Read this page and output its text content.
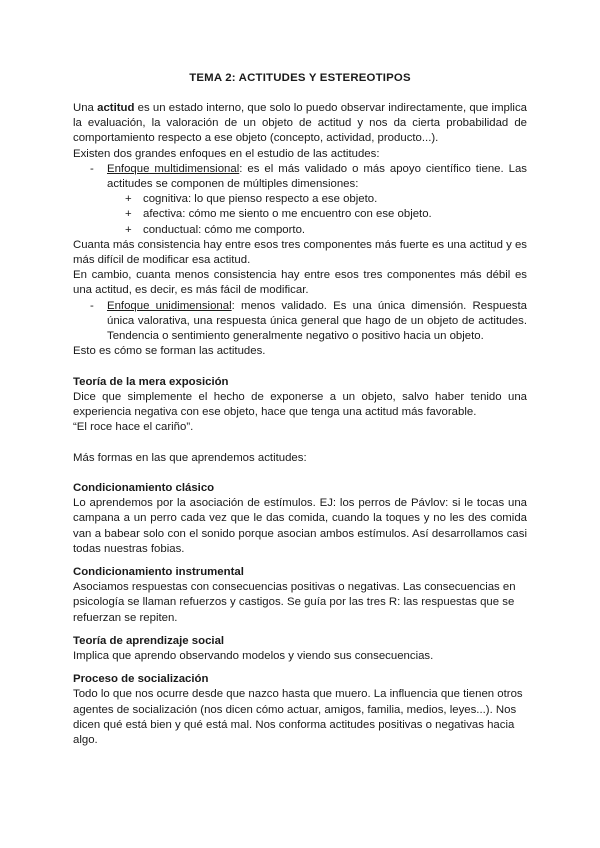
TEMA 2: ACTITUDES Y ESTEREOTIPOS

Una actitud es un estado interno, que solo lo puedo observar indirectamente, que implica la evaluación, la valoración de un objeto de actitud y nos da cierta probabilidad de comportamiento respecto a ese objeto (concepto, actividad, producto...).

Existen dos grandes enfoques en el estudio de las actitudes:

- Enfoque multidimensional: es el más validado o más apoyo científico tiene. Las actitudes se componen de múltiples dimensiones:
+ cognitiva: lo que pienso respecto a ese objeto.
+ afectiva: cómo me siento o me encuentro con ese objeto.
+ conductual: cómo me comporto.

Cuanta más consistencia hay entre esos tres componentes más fuerte es una actitud y es más difícil de modificar esa actitud.

En cambio, cuanta menos consistencia hay entre esos tres componentes más débil es una actitud, es decir, es más fácil de modificar.

- Enfoque unidimensional: menos validado. Es una única dimensión. Respuesta única valorativa, una respuesta única general que hago de un objeto de actitudes. Tendencia o sentimiento generalmente negativo o positivo hacia un objeto.

Esto es cómo se forman las actitudes.

Teoría de la mera exposición

Dice que simplemente el hecho de exponerse a un objeto, salvo haber tenido una experiencia negativa con ese objeto, hace que tenga una actitud más favorable.

“El roce hace el cariño”.

Más formas en las que aprendemos actitudes:

Condicionamiento clásico

Lo aprendemos por la asociación de estímulos. EJ: los perros de Pávlov: si le tocas una campana a un perro cada vez que le das comida, cuando la toques y no les des comida van a babear solo con el sonido porque asocian ambos estímulos. Así desarrollamos casi todas nuestras fobias.

Condicionamiento instrumental

Asociamos respuestas con consecuencias positivas o negativas. Las consecuencias en psicología se llaman refuerzos y castigos. Se guía por las tres R: las respuestas que se refuerzan se repiten.

Teoría de aprendizaje social

Implica que aprendo observando modelos y viendo sus consecuencias.

Proceso de socialización

Todo lo que nos ocurre desde que nazco hasta que muero. La influencia que tienen otros agentes de socialización (nos dicen cómo actuar, amigos, familia, medios, leyes...). Nos dicen qué está bien y qué está mal. Nos conforma actitudes positivas o negativas hacia algo.
